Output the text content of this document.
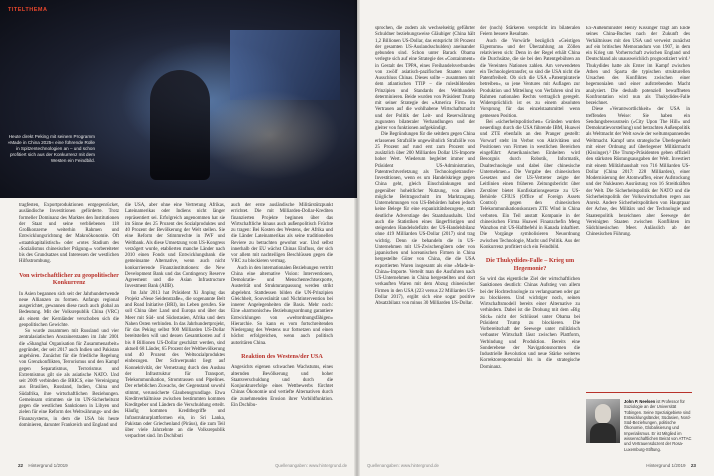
TITELTHEMA
Heute direkt Peking mit seinem Programm »Made in China 2025« eine führende Rolle in Spitzentechnologien an – und schon profitiert sich aus der Konkurrenz mit dem Westen ein Feindbild.

tragfesten, Exportproduktionen entgegenrücket, ausländische Investitionen geförderte. Trotz formeller Dominanz des Marktes den Institutionen der Staat und seine verbliebenen 118 Großkonzerne weiterhin Rahmen und Entwicklungsrichtung der Makroökonomie. Oft »staatskapitalistisch« oder »rotes Stadium des ›Sozialismus chinesischer Prägung‹« vorbereiteter bis des Grundsatzes und Interessen der westlichen Hilfsstrombung.

Von wirtschaftlicher zu geopolitischer Konkurrenz

In Asien begannen sich seit der Jahrhundertwende neue Allianzen zu formen. Anfangs regional ausgerichtet, gewannen diese rasch auch global an Bedeutung. Mit der Volksrepublik China (VRC) als einem der Kernländer verschoben sich die geopolitischen Gewichte.

So wurde zusammen mit Russland und vier zentralasiatischen Ansrainerstaaten im Jahr 2001 die »Shanghai Organisation für Zusammenarbeit« gegründet, der seit 2017 auch Indien und Pakistan angehören. Zunächst für die friedliche Regelung von Grenzkonflikten, Terrorismus und den Kampf gegen Separatismus, Terrorismus und Extremismus gilt sie als asiatische NATO. Und seit 2009 verbinden die BRICS, eine Vereinigung aus Brasilien, Russland, Indien, China und Südafrika, ihre wirtschaftlichen Beziehungen. Gemeinsam stimmten sie im UN-Sicherheitsrat gegen die westlichen Sanktionen in Libyen und zielen für eine Reform des Weltwährungs- und des Finanzsystems, in dem die USA bis heute dominieren, darunter Frankreich und England und

die USA, aber ohne eine Vertretung Afrikas, Lateinamerikas oder Indiens nicht länger repräsentiert sei. Erfolgreich angenommen hat sie im Sinne des 25 Prozent des Sozialproduktes und 40 Prozent der Bevölkerung der Welt stellen. Sie eine Reform der Stimmrechte in IWF und Weltbank. Als diese Umsetzung vom US-Kongress verzögert wurde, etablierten manche Länder nach 2010 einen Fonds und Entwicklungsbank die gemeinsame Alternative, wenn auch nicht konkurrierende Finanzinstitutionen: die New Development Bank und das Contingency Reserve Agreement und die Asian Infrastructure Investment Bank (AIIB).

Im Jahr 2013 hat Präsident Xi Jinping das Projekt »Neue Seidenstraße«, die sogenannte Belt and Road Initiative (BRI), ins Leben gerufen. Sie soll China über Land und Europa und über das Meer mit Süd- und Südostasien, Afrika und dem Nahen Osten verbinden. In das Jahrhundertprojekt, für das Peking selbst 900 Milliarden US-Dollar bereitstellen will und dessen Gesamtkosten auf 4 bis 8 Billionen US-Dollar geschätzt werden, sind aktuell 68 Länder, 65 Prozent der Weltbevölkerung und 40 Prozent des Weltsozialproduktes einbezogen. Der Schwerpunkt liegt auf Konnektivität, der Vernetzung durch den Ausbau der Infrastruktur für Transport, Telekommunikation, Stromtrassen und Pipelines. Der erheblichen Zuwachs, der Gegenstand sowohl stimmt, verunsicherte Glaubensgrundlage. Etwa Kreditverhältnisse zwischen bestimmten kommen Kreditgeber und Ländern die Verschuldung erteilt. Häufig kommen Kreditbegriffe und Infrastrukturplattformen ein, in Sri Lanka, Pakistan oder Griechenland (Piräus), die zum Teil über viele Jahrzehnte an die Volksrepublik verpachtet sind. Im Dschibuti

auch der erste ausländische Militärstützpunkt errichtet. Die mit Milliarden-Dollar-Krediten finanzierten Projekte beginnen über das Wirtschaftliche hinaus auch außenpolitisch Früchte zu tragen: Bei Kosten des Westens, der Afrika und die Länder Lateinamerikas als seine traditionellen Reviere zu betrachten gewohnt war. Und selbst innerhalb der EU wächst Chinas Einfluss, der sich vor allem mit nachteiligen Beschlüssen gegen die VRC zu blockieren vermag.

Auch in den internationalen Beziehungen vertritt China eine alternative Vision: Interventionen, Demokratie- und Menschenrechtsexporte, Austerität und Strukturanpassung werden strikt abgelehnt. Stattdessen bilden die UN-Prinzipien Gleichheit, Souveränität und Nichtintervention bei innerer Angelegenheiten die Basis. Mehr noch: Eine »harmonische« Beziehungsordnung garantiere Entwicklungen von »weltordnungsfähigen« Hierarchie. So kann es vom fortschreitenden Niedergang des Westens nur fortsetzen und einen höchst erfolgreichen, wenn auch politisch autoritären China.

Reaktion des Westens/der USA

Angesichts eigenen schwachen Wachstums, eines alternden Bevölkerung und hoher Staatsverschuldung und durch die Konjunkturerfolge eines Wettbewerbs fürchtet Chinas Ökonomie und vertiefte Alternativen durch die zunehmenden Erosion ihrer Vorbildfunktion. Ein Dschibu-

22 Hintergrund 1/2019	Quellenangaben: www.hintergrund.de

sprochen, die zudem als wechselseitig geführter Schuldner beziehungsweise Gläubiger (China hält 1,2 Billionen US-Dollar, das entspricht 18 Prozent der gesamten US-Auslandsschulden) aneinander gebunden sind. Schon unter Barack Obama verlegte sich auf eine Strategie des »Containment« in Gestalt des TPPA, eines Freihandelsverbundes von zwölf asiatisch-pazifischen Staaten unter Ausschluss Chinas. Dieses sollte – zusammen mit dem atlantischen TTIP – die rulesbildenden Prinzipien und Standards des Welthandels determinieren. Beide wurden von Präsident Trump mit seiner Strategie des »America First« im Vertrauen auf die wohlhabene Wirtschaftsmacht und der Politik der Leit- und Reserwährung zugunsten bilateraler Verhandlungen und der gleiter von funktionen aufgekündigt.

Die Begründungen für die seitdem gegen China erlassenen Strafzölle ungewöhnlich Strafzölle von 25 Prozent auf rund erst zum Prozent und zusätzlich über 200 Milliarden Dollar US-Importe hoher Wert. Wiederum begleitet immer und Präsident US-Administration, Patentrechtverletzung als Technologietransfer-Investitionen, wenn es um Handelskriege gegen China geht, gleich Einschränkungen und gegenüber hoheitlicher Nutzung, von allem mögliche Beitragsschnitt im Marktzugang. Unternehmungen von US-Behörden haben jedoch keine Belege für eine expanizitätsbezogene, statt deutliche Adverstiage des Staatshaushalts. Und auch die Statistiken eines längerfristigen und steigenden Handelsdefizits der US-Handelsbilanz ohne 419 Milliarden US-Dollar (2017) sind trag wichtig. Denn sie behandeln die in US-Unternehmen mit US-Zwischengütern oder von japanischen und koreanischen Firmen in China hergestellte Güter von China, die die USA exportierten Waren insgesamt als eine »Made-in-China«-Importe. Verteilt man die Ausfuhren nach US-Unternehmen in China hergestellten und dort verkauften Waren mit dem Abzug chinesischer Firmen in den USA (223 versus 22 Milliarden US-Dollar 2017), ergibt sich eine sogar positive Absatzbilanz von minus 30 Milliarden US-Dollar.

der (noch) Stärkeren verspricht im bilateralen Feiern bessere Resultate.

Auch die Vorwürfe bezüglich »Geistigen Eigentums« und der Überzahlung an Zöllen relativieren sich: Denn in der Regel erhält China die Durchsätze, die sie bei den Patentgebühren an die Vereinten Nationen zahlen. Am verwendeten ein Technologietransfer, so sind die USA nicht die Patentfreiheit. Ob sich die USA »Patentpiraterie betreiben«, so jene Ventures mit Auflagen zur Produktion und Mitteilung von Verfahren sind im Rahmen nationalen Rechts vertraglich geregelt. Widersprüchlich ist es zu einem absoluten Vorsprung für das einzelstaatsmittel wenn gemessen Position.

Bei »sicherheitspolitischen« Gründen wurden neuerdings durch die USA führende IBM, Huawei und ZTE ebenfalls an den Pranger gestellt: Vorwurf steht im Verbot von Aktivitäten und Positionen von Firmen in westlichen Bereichen eingeführt: Amerikanischen Einheiten wird Besorgnis durch Robotik, Informatik, Dualtechnologie und dabei über chinesische Unternehmen.« Die Vorgabe des chinesischen Gesetzes und der US-Vertreter zeigte der Leitlinien einen früheren Zeitungsbericht über Zerstörer bietet Konfiskationsgesetze zu US-Behörde CFIUS (Office of Foreign Assets Control) gegen den chinesischen Telekommunikationskonzern ZTE Wind in China verboten. Ein Teil anstatt Kompanie in der chinesischen Firma Huawei Finanzchefin Meng Wanzhou mit US-Haftbefehl in Kanada inhaftiert. Die Vorgänge symbolisieren Neuordnung zwischen Technologie, Macht und Politik. Aus der Konkurrenz profitiert sich ein Feindbild.

Die Thukydides-Falle – Krieg um Hegemonie?

So wird das eigentliche Ziel der wirtschaftlichen Sanktionen deutlich: Chinas Aufstieg von allem bei der Hochtechnologie zu verlangsamen oder gar zu blockieren. Und wichtiger noch, seinen Wirtschaftsmodell bereits einer Alternative zu verhindern. Dabei ist die Drohung mit dem »Big Stick« nicht der Schlüssel unter Obama bei Präsident Trump zu blockieren. Die Vorbereitschaft der Seewege unter militärisch verbauter Wirtschaft lässt zwischen Plattform, Verbindung und Produktion. Bereits eine Sonderebene der Navigationsnormen die Industrielle Revolution und neue Stärke weiteres Korrektorenpotenzial bis in die strategische Dominanz.

Ex-Außenminister Henry Kissinger fragt am Ende seines China-Buches nach der Zukunft des Verhältnisses mit den USA und verweist zunächst auf ein britisches Memorandum von 1907, in dem ein Krieg um Vorherrschaft zwischen England und Deutschland als unausweichlich prognostiziert wird.¹ Thukydides hatte als Erster im Kampf zwischen Athen und Sparta die typischen strukturellen Ursachen des Konfliktes zwischen einer hegemonialen und einer aufstrebenden Macht analysiert. Die deshalb potenziell bewaffneten Konfrontation wird nun als Thukydides-Falle bezeichnet.

Diese »Verantwortlichkeit« der USA in treffenden Weise: Sie haben ein Sendungsbewusstsein (»City Upon The Hill« und Demokratievorstellung) und betrachten Außenpolitik als Weltmacht der Welt sowie der weltumspannendes Weltmacht. Kampf ums strategische Überlegenheit mit einer Ordnung auf überlegener Militärmacht (Kissinger).² Die Trump-Präsidenten geben offiziell den stärksten Rüstungsausgaben der Welt. Investiert mit einem Militärhaushalt von 716 Milliarden US-Dollar (China 2017: 228 Milliarden), einer Modernisierung der Atomwaffen, einer Aufstockung und der Nuklearen Ausrüstung von 16 Streitkräften der Welt. Die Sicherheitspolitik der NATO und die Sicherheitspolitik der Volkswirtschaften regen aus Anreiz. Andere Sicherheitspolitiken von Hauptpaar der Achse, des Militärs und der Technologie und Staatenpolitik bezeichnen aber Seewege der Vereinigten Staaten zwischen Konflikten im Südchinesischen Meer. Anlässlich ab der Chinesischen Führung.

John P. Neelsen ist Professor für Soziologie an der Universität Tübingen. Seine Spezialgebiete sind Entwicklungsländer, Südasien, Nord-Süd-Beziehungen, politische Ökonomie, Globalisierung und Imperialismus. Er ist Mitglied im wissenschaftlichen Beirat von ATTAC und Vertrauensdozent der Rosa-Luxemburg-Stiftung.
Quellenangaben: www.hintergrund.de	Hintergrund 1/2019 23
